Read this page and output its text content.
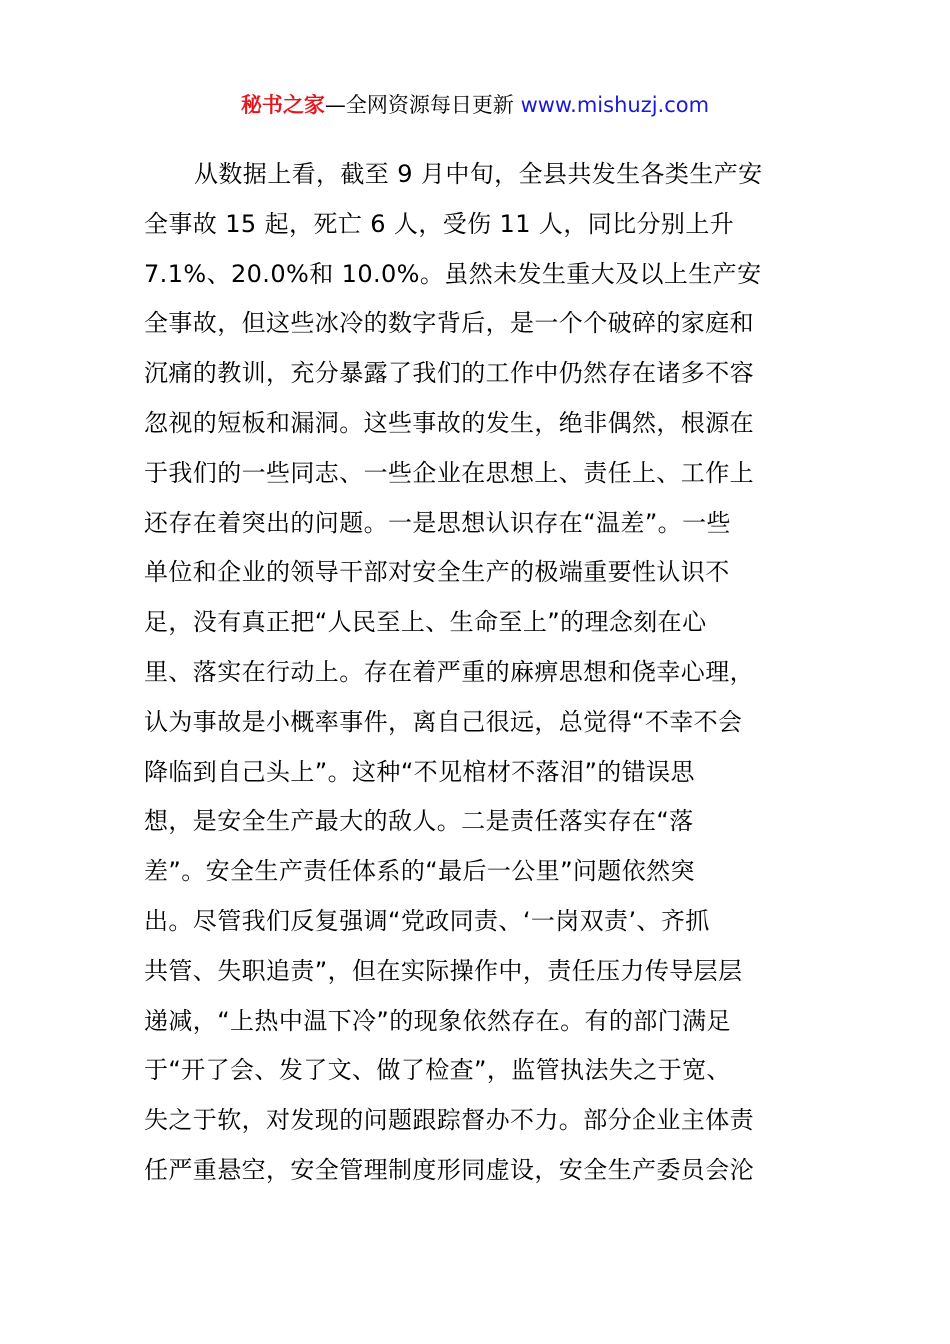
秘书之家—全网资源每日更新 www.mishuzj.com
从数据上看，截至 9 月中旬，全县共发生各类生产安
全事故 15 起，死亡 6 人，受伤 11 人，同比分别上升
7.1%、20.0%和 10.0%。虽然未发生重大及以上生产安
全事故，但这些冰冷的数字背后，是一个个破碎的家庭和
沉痛的教训，充分暴露了我们的工作中仍然存在诸多不容
忽视的短板和漏洞。这些事故的发生，绝非偶然，根源在
于我们的一些同志、一些企业在思想上、责任上、工作上
还存在着突出的问题。一是思想认识存在“温差”。一些
单位和企业的领导干部对安全生产的极端重要性认识不
足，没有真正把“人民至上、生命至上”的理念刻在心
里、落实在行动上。存在着严重的麻痹思想和侥幸心理，
认为事故是小概率事件，离自己很远，总觉得“不幸不会
降临到自己头上”。这种“不见棺材不落泪”的错误思
想，是安全生产最大的敌人。二是责任落实存在“落
差”。安全生产责任体系的“最后一公里”问题依然突
出。尽管我们反复强调“党政同责、‘一岗双责’、齐抓
共管、失职追责”，但在实际操作中，责任压力传导层层
递减，“上热中温下冷”的现象依然存在。有的部门满足
于“开了会、发了文、做了检查”，监管执法失之于宽、
失之于软，对发现的问题跟踪督办不力。部分企业主体责
任严重悬空，安全管理制度形同虚设，安全生产委员会沦
